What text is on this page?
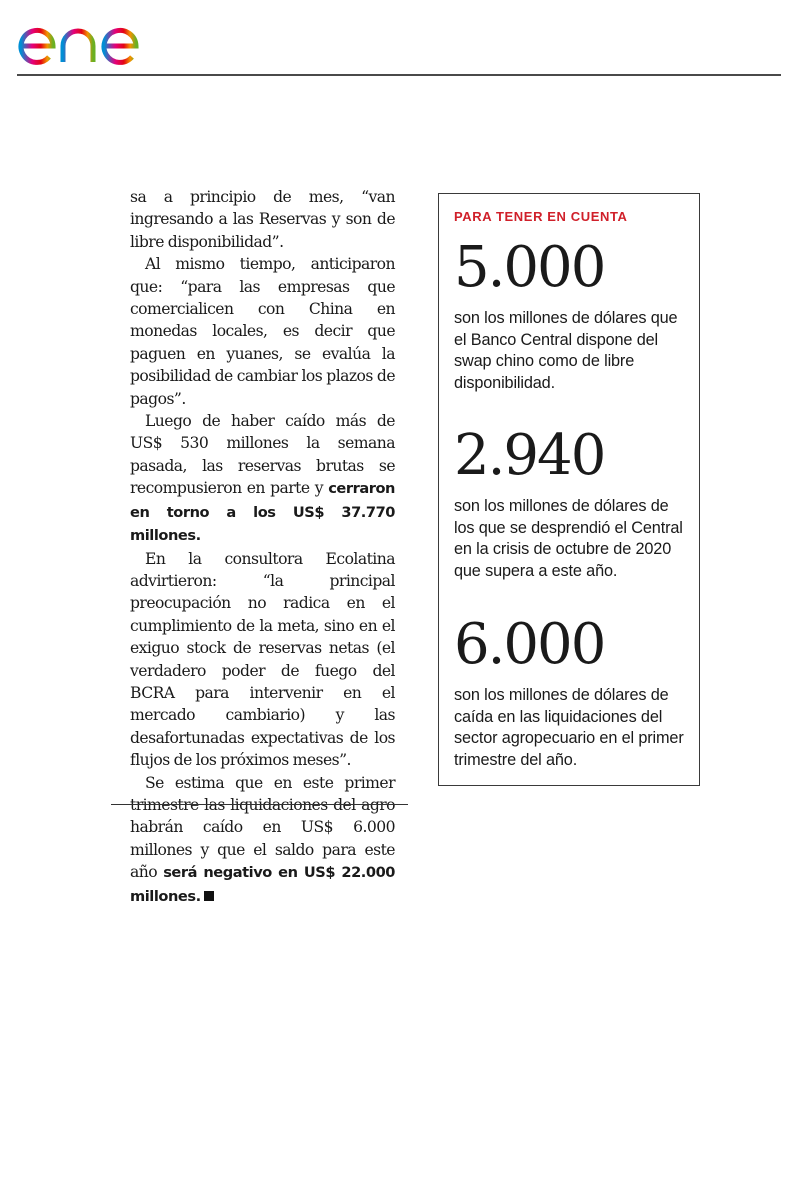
sa a principio de mes, “van ingresando a las Reservas y son de libre disponibilidad”.

Al mismo tiempo, anticiparon que: “para las empresas que comercialicen con China en monedas locales, es decir que paguen en yuanes, se evalúa la posibilidad de cambiar los plazos de pagos”.

Luego de haber caído más de US$ 530 millones la semana pasada, las reservas brutas se recompusieron en parte y cerraron en torno a los US$ 37.770 millones.

En la consultora Ecolatina advirtieron: “la principal preocupación no radica en el cumplimiento de la meta, sino en el exiguo stock de reservas netas (el verdadero poder de fuego del BCRA para intervenir en el mercado cambiario) y las desafortunadas expectativas de los flujos de los próximos meses”.

Se estima que en este primer trimestre las liquidaciones del agro habrán caído en US$ 6.000 millones y que el saldo para este año será negativo en US$ 22.000 millones.

PARA TENER EN CUENTA
5.000
son los millones de dólares que el Banco Central dispone del swap chino como de libre disponibilidad.
2.940
son los millones de dólares de los que se desprendió el Central en la crisis de octubre de 2020 que supera a este año.
6.000
son los millones de dólares de caída en las liquidaciones del sector agropecuario en el primer trimestre del año.
